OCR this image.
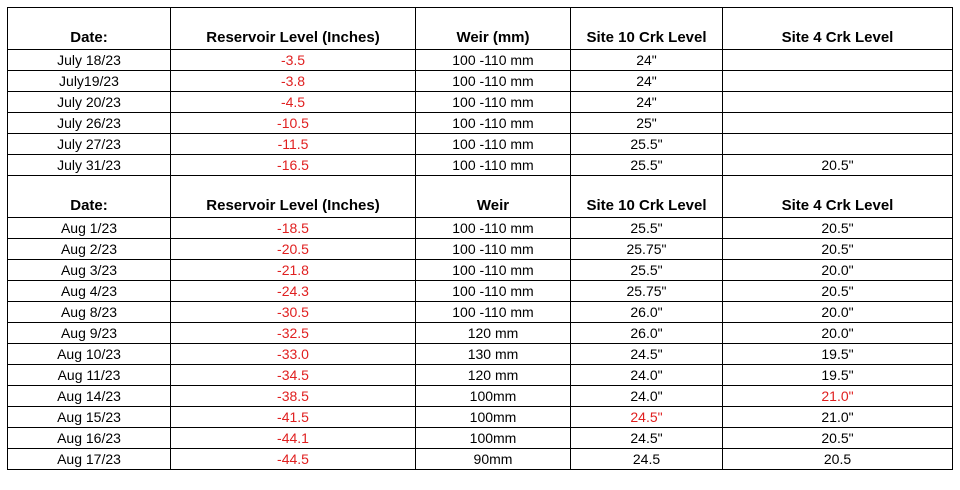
Date:	Reservoir Level (Inches)	Weir (mm)	Site 10 Crk Level	Site 4 Crk Level
July 18/23	-3.5	100 -110 mm	24"	
July19/23	-3.8	100 -110 mm	24"	
July 20/23	-4.5	100 -110 mm	24"	
July 26/23	-10.5	100 -110 mm	25"	
July 27/23	-11.5	100 -110 mm	25.5"	
July 31/23	-16.5	100 -110 mm	25.5"	20.5"
Date:	Reservoir Level (Inches)	Weir	Site 10 Crk Level	Site 4 Crk Level
Aug 1/23	-18.5	100 -110 mm	25.5"	20.5"
Aug 2/23	-20.5	100 -110 mm	25.75"	20.5"
Aug 3/23	-21.8	100 -110 mm	25.5"	20.0"
Aug 4/23	-24.3	100 -110 mm	25.75"	20.5"
Aug 8/23	-30.5	100 -110 mm	26.0"	20.0"
Aug 9/23	-32.5	120 mm	26.0"	20.0"
Aug 10/23	-33.0	130 mm	24.5"	19.5"
Aug 11/23	-34.5	120 mm	24.0"	19.5"
Aug 14/23	-38.5	100mm	24.0"	21.0"
Aug 15/23	-41.5	100mm	24.5"	21.0"
Aug 16/23	-44.1	100mm	24.5"	20.5"
Aug 17/23	-44.5	90mm	24.5	20.5
